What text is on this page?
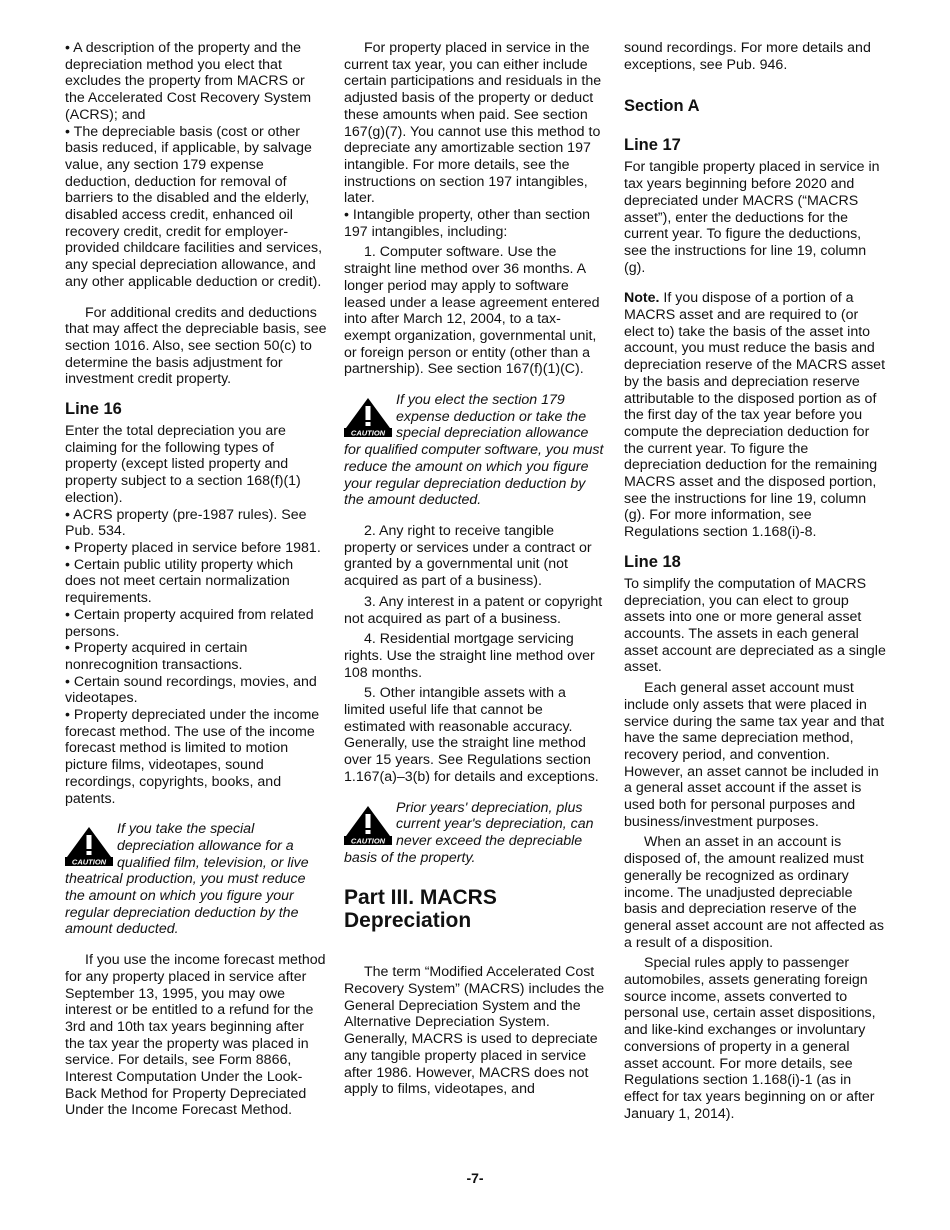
• A description of the property and the depreciation method you elect that excludes the property from MACRS or the Accelerated Cost Recovery System (ACRS); and

• The depreciable basis (cost or other basis reduced, if applicable, by salvage value, any section 179 expense deduction, deduction for removal of barriers to the disabled and the elderly, disabled access credit, enhanced oil recovery credit, credit for employer-provided childcare facilities and services, any special depreciation allowance, and any other applicable deduction or credit).

For additional credits and deductions that may affect the depreciable basis, see section 1016. Also, see section 50(c) to determine the basis adjustment for investment credit property.

Line 16

Enter the total depreciation you are claiming for the following types of property (except listed property and property subject to a section 168(f)(1) election).

• ACRS property (pre-1987 rules). See Pub. 534.

• Property placed in service before 1981.

• Certain public utility property which does not meet certain normalization requirements.

• Certain property acquired from related persons.

• Property acquired in certain nonrecognition transactions.

• Certain sound recordings, movies, and videotapes.

• Property depreciated under the income forecast method. The use of the income forecast method is limited to motion picture films, videotapes, sound recordings, copyrights, books, and patents.

CAUTION
If you take the special depreciation allowance for a qualified film, television, or live theatrical production, you must reduce the amount on which you figure your regular depreciation deduction by the amount deducted.

If you use the income forecast method for any property placed in service after September 13, 1995, you may owe interest or be entitled to a refund for the 3rd and 10th tax years beginning after the tax year the property was placed in service. For details, see Form 8866, Interest Computation Under the Look-Back Method for Property Depreciated Under the Income Forecast Method.

For property placed in service in the current tax year, you can either include certain participations and residuals in the adjusted basis of the property or deduct these amounts when paid. See section 167(g)(7). You cannot use this method to depreciate any amortizable section 197 intangible. For more details, see the instructions on section 197 intangibles, later.

• Intangible property, other than section 197 intangibles, including:

1. Computer software. Use the straight line method over 36 months. A longer period may apply to software leased under a lease agreement entered into after March 12, 2004, to a tax-exempt organization, governmental unit, or foreign person or entity (other than a partnership). See section 167(f)(1)(C).

CAUTION
If you elect the section 179 expense deduction or take the special depreciation allowance for qualified computer software, you must reduce the amount on which you figure your regular depreciation deduction by the amount deducted.

2. Any right to receive tangible property or services under a contract or granted by a governmental unit (not acquired as part of a business).

3. Any interest in a patent or copyright not acquired as part of a business.

4. Residential mortgage servicing rights. Use the straight line method over 108 months.

5. Other intangible assets with a limited useful life that cannot be estimated with reasonable accuracy. Generally, use the straight line method over 15 years. See Regulations section 1.167(a)–3(b) for details and exceptions.

CAUTION
Prior years' depreciation, plus current year's depreciation, can never exceed the depreciable basis of the property.
Part III. MACRS
Depreciation

The term “Modified Accelerated Cost Recovery System” (MACRS) includes the General Depreciation System and the Alternative Depreciation System. Generally, MACRS is used to depreciate any tangible property placed in service after 1986. However, MACRS does not apply to films, videotapes, and

sound recordings. For more details and exceptions, see Pub. 946.

Section A
Line 17

For tangible property placed in service in tax years beginning before 2020 and depreciated under MACRS (“MACRS asset”), enter the deductions for the current year. To figure the deductions, see the instructions for line 19, column (g).

Note. If you dispose of a portion of a MACRS asset and are required to (or elect to) take the basis of the asset into account, you must reduce the basis and depreciation reserve of the MACRS asset by the basis and depreciation reserve attributable to the disposed portion as of the first day of the tax year before you compute the depreciation deduction for the current year. To figure the depreciation deduction for the remaining MACRS asset and the disposed portion, see the instructions for line 19, column (g). For more information, see Regulations section 1.168(i)-8.

Line 18

To simplify the computation of MACRS depreciation, you can elect to group assets into one or more general asset accounts. The assets in each general asset account are depreciated as a single asset.

Each general asset account must include only assets that were placed in service during the same tax year and that have the same depreciation method, recovery period, and convention. However, an asset cannot be included in a general asset account if the asset is used both for personal purposes and business/investment purposes.

When an asset in an account is disposed of, the amount realized must generally be recognized as ordinary income. The unadjusted depreciable basis and depreciation reserve of the general asset account are not affected as a result of a disposition.

Special rules apply to passenger automobiles, assets generating foreign source income, assets converted to personal use, certain asset dispositions, and like-kind exchanges or involuntary conversions of property in a general asset account. For more details, see Regulations section 1.168(i)-1 (as in effect for tax years beginning on or after January 1, 2014).

-7-
